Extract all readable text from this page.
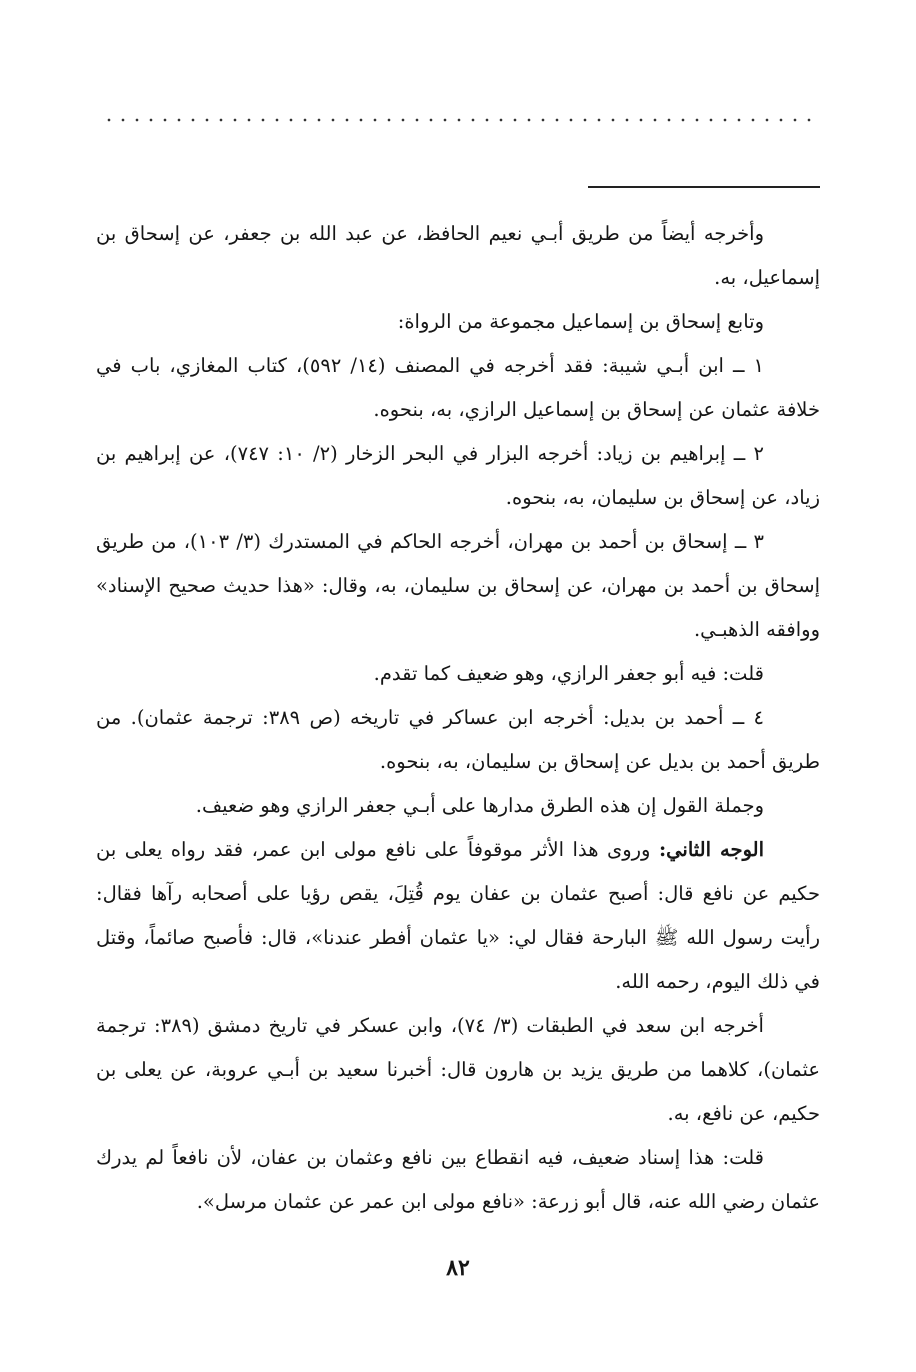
وأخرجه أيضاً من طريق أبـي نعيم الحافظ، عن عبد الله بن جعفر، عن إسحاق بن إسماعيل، به.

وتابع إسحاق بن إسماعيل مجموعة من الرواة:

١ ــ ابن أبـي شيبة: فقد أخرجه في المصنف (١٤/ ٥٩٢)، كتاب المغازي، باب في خلافة عثمان عن إسحاق بن إسماعيل الرازي، به، بنحوه.

٢ ــ إبراهيم بن زياد: أخرجه البزار في البحر الزخار (٢/ ١٠: ٧٤٧)، عن إبراهيم بن زياد، عن إسحاق بن سليمان، به، بنحوه.

٣ ــ إسحاق بن أحمد بن مهران، أخرجه الحاكم في المستدرك (٣/ ١٠٣)، من طريق إسحاق بن أحمد بن مهران، عن إسحاق بن سليمان، به، وقال: «هذا حديث صحيح الإسناد» ووافقه الذهبـي.

قلت: فيه أبو جعفر الرازي، وهو ضعيف كما تقدم.

٤ ــ أحمد بن بديل: أخرجه ابن عساكر في تاريخه (ص ٣٨٩: ترجمة عثمان). من طريق أحمد بن بديل عن إسحاق بن سليمان، به، بنحوه.

وجملة القول إن هذه الطرق مدارها على أبـي جعفر الرازي وهو ضعيف.

الوجه الثاني: وروى هذا الأثر موقوفاً على نافع مولى ابن عمر، فقد رواه يعلى بن حكيم عن نافع قال: أصبح عثمان بن عفان يوم قُتِلَ، يقص رؤيا على أصحابه رآها فقال: رأيت رسول الله ﷺ البارحة فقال لي: «يا عثمان أفطر عندنا»، قال: فأصبح صائماً، وقتل في ذلك اليوم، رحمه الله.

أخرجه ابن سعد في الطبقات (٣/ ٧٤)، وابن عسكر في تاريخ دمشق (٣٨٩: ترجمة عثمان)، كلاهما من طريق يزيد بن هارون قال: أخبرنا سعيد بن أبـي عروبة، عن يعلى بن حكيم، عن نافع، به.

قلت: هذا إسناد ضعيف، فيه انقطاع بين نافع وعثمان بن عفان، لأن نافعاً لم يدرك عثمان رضي الله عنه، قال أبو زرعة: «نافع مولى ابن عمر عن عثمان مرسل».

٨٢
